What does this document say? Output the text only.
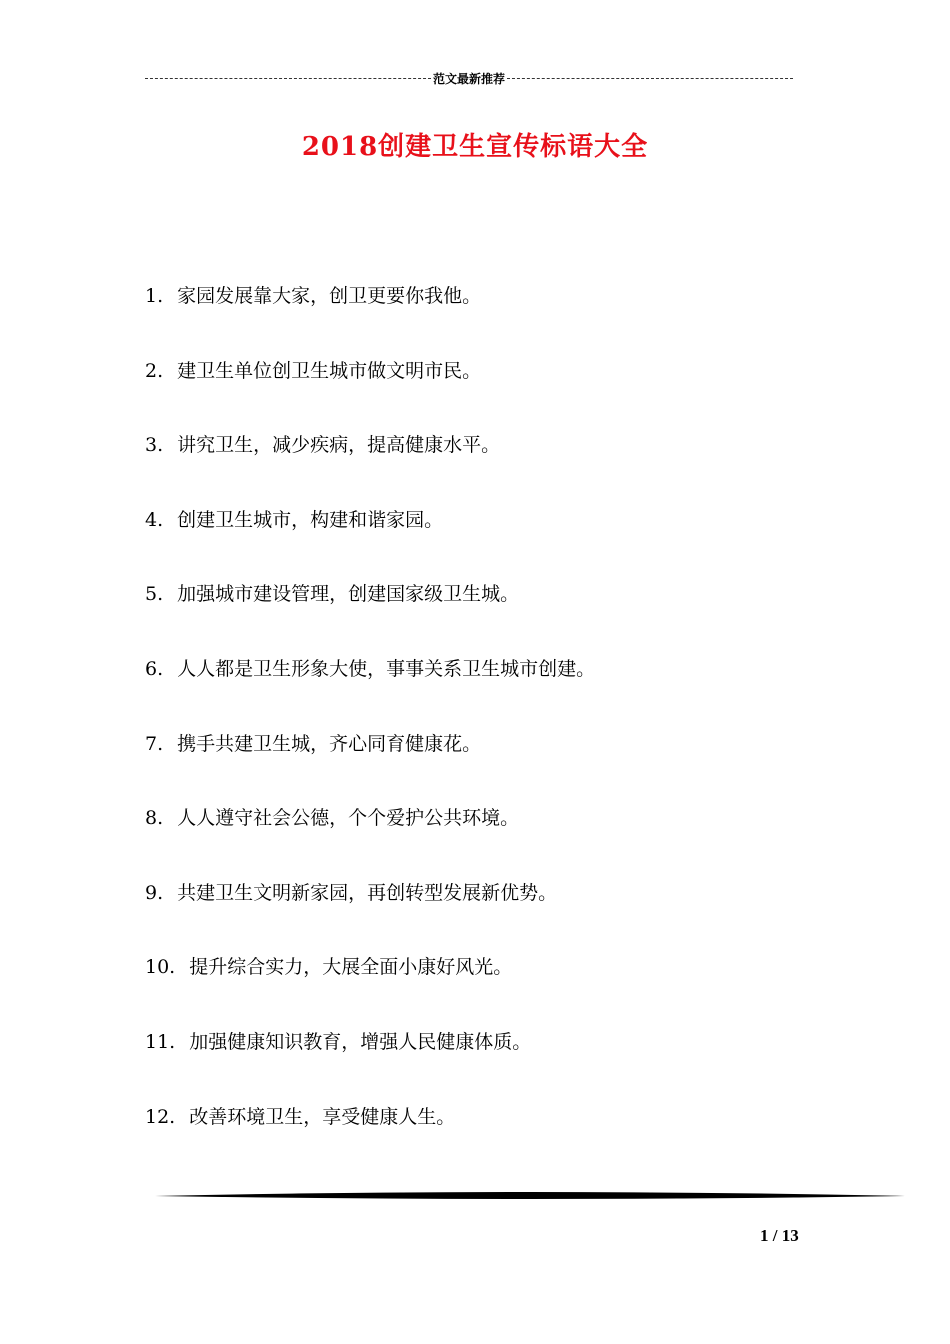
范文最新推荐
2018创建卫生宣传标语大全
1. 家园发展靠大家，创卫更要你我他。
2. 建卫生单位创卫生城市做文明市民。
3. 讲究卫生，减少疾病，提高健康水平。
4. 创建卫生城市，构建和谐家园。
5. 加强城市建设管理，创建国家级卫生城。
6. 人人都是卫生形象大使，事事关系卫生城市创建。
7. 携手共建卫生城，齐心同育健康花。
8. 人人遵守社会公德，个个爱护公共环境。
9. 共建卫生文明新家园，再创转型发展新优势。
10. 提升综合实力，大展全面小康好风光。
11. 加强健康知识教育，增强人民健康体质。
12. 改善环境卫生，享受健康人生。
1 / 13
